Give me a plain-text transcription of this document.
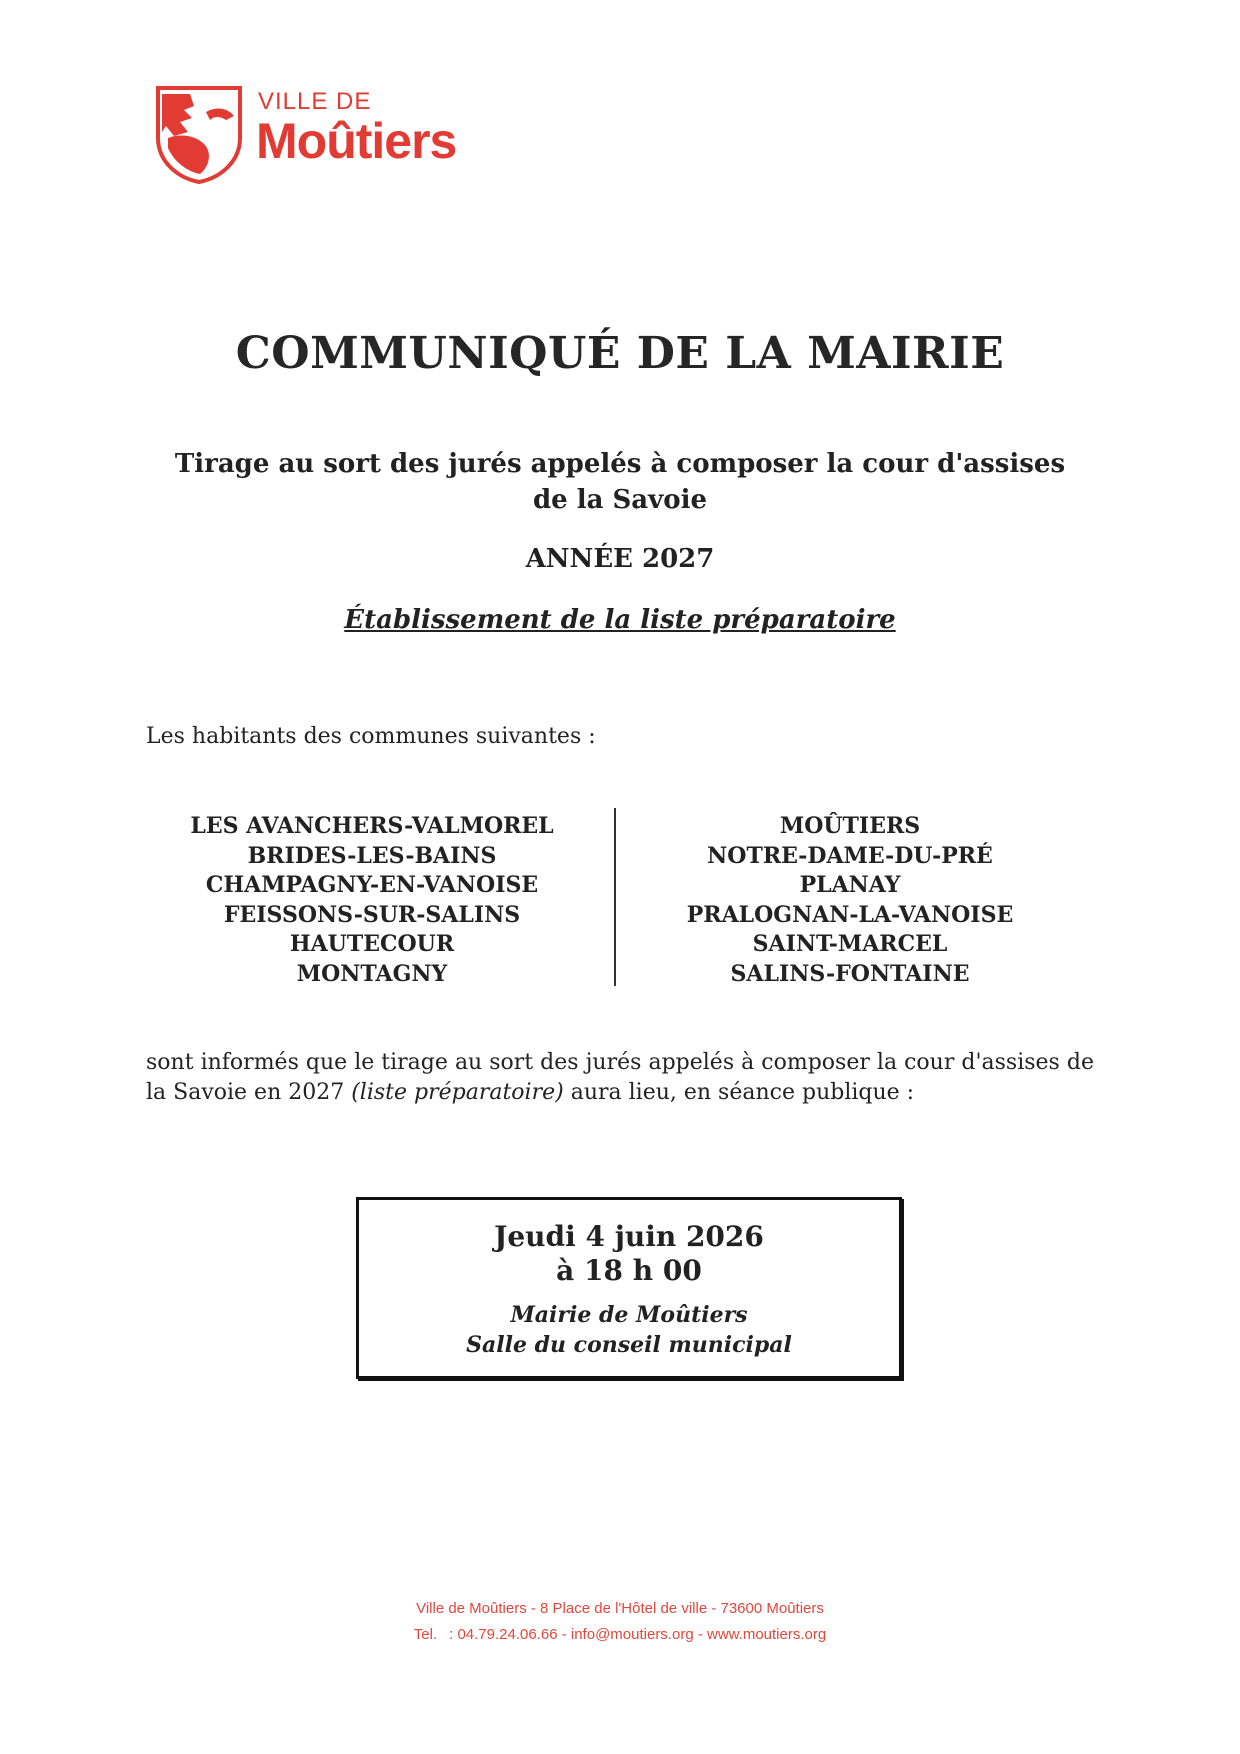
VILLE DE
Moûtiers
COMMUNIQUÉ DE LA MAIRIE
Tirage au sort des jurés appelés à composer la cour d'assises de la Savoie
ANNÉE 2027
Établissement de la liste préparatoire
Les habitants des communes suivantes :
LES AVANCHERS-VALMOREL
BRIDES-LES-BAINS
CHAMPAGNY-EN-VANOISE
FEISSONS-SUR-SALINS
HAUTECOUR
MONTAGNY
MOÛTIERS
NOTRE-DAME-DU-PRÉ
PLANAY
PRALOGNAN-LA-VANOISE
SAINT-MARCEL
SALINS-FONTAINE
sont informés que le tirage au sort des jurés appelés à composer la cour d'assises de la Savoie en 2027 (liste préparatoire) aura lieu, en séance publique :
Jeudi 4 juin 2026
à 18 h 00
Mairie de Moûtiers
Salle du conseil municipal
Ville de Moûtiers - 8 Place de l'Hôtel de ville - 73600 Moûtiers
Tel. : 04.79.24.06.66 - info@moutiers.org - www.moutiers.org
